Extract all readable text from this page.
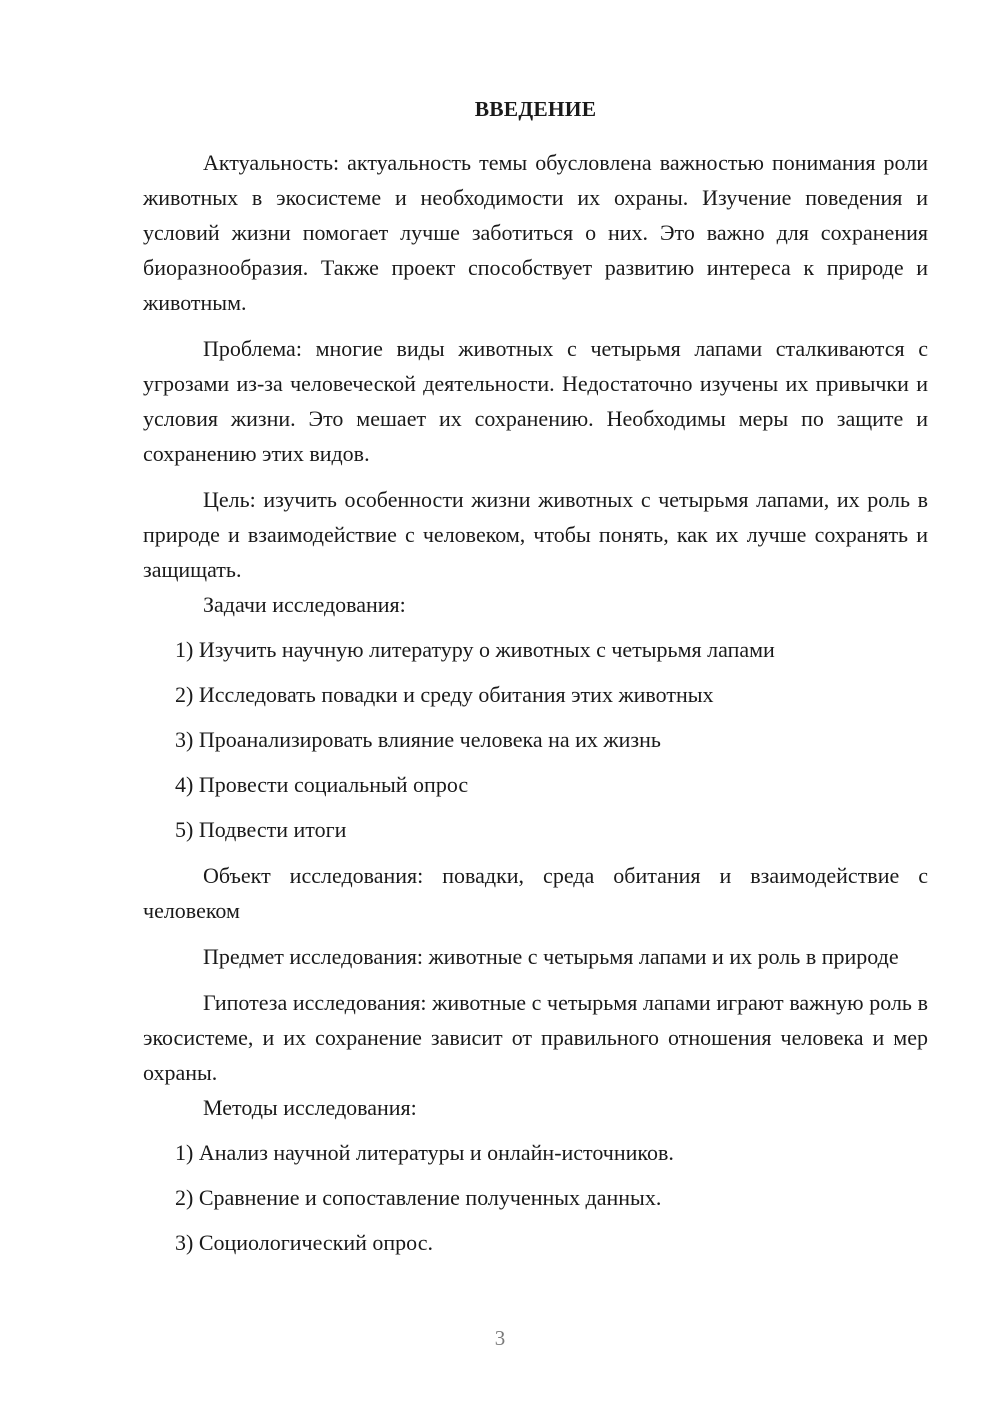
ВВЕДЕНИЕ

Актуальность: актуальность темы обусловлена важностью понимания роли животных в экосистеме и необходимости их охраны. Изучение поведения и условий жизни помогает лучше заботиться о них. Это важно для сохранения биоразнообразия. Также проект способствует развитию интереса к природе и животным.

Проблема: многие виды животных с четырьмя лапами сталкиваются с угрозами из-за человеческой деятельности. Недостаточно изучены их привычки и условия жизни. Это мешает их сохранению. Необходимы меры по защите и сохранению этих видов.

Цель: изучить особенности жизни животных с четырьмя лапами, их роль в природе и взаимодействие с человеком, чтобы понять, как их лучше сохранять и защищать.

Задачи исследования:

1) Изучить научную литературу о животных с четырьмя лапами

2) Исследовать повадки и среду обитания этих животных

3) Проанализировать влияние человека на их жизнь

4) Провести социальный опрос

5) Подвести итоги

Объект исследования: повадки, среда обитания и взаимодействие с человеком

Предмет исследования: животные с четырьмя лапами и их роль в природе

Гипотеза исследования: животные с четырьмя лапами играют важную роль в экосистеме, и их сохранение зависит от правильного отношения человека и мер охраны.

Методы исследования:

1) Анализ научной литературы и онлайн-источников.

2) Сравнение и сопоставление полученных данных.

3) Социологический опрос.

3
